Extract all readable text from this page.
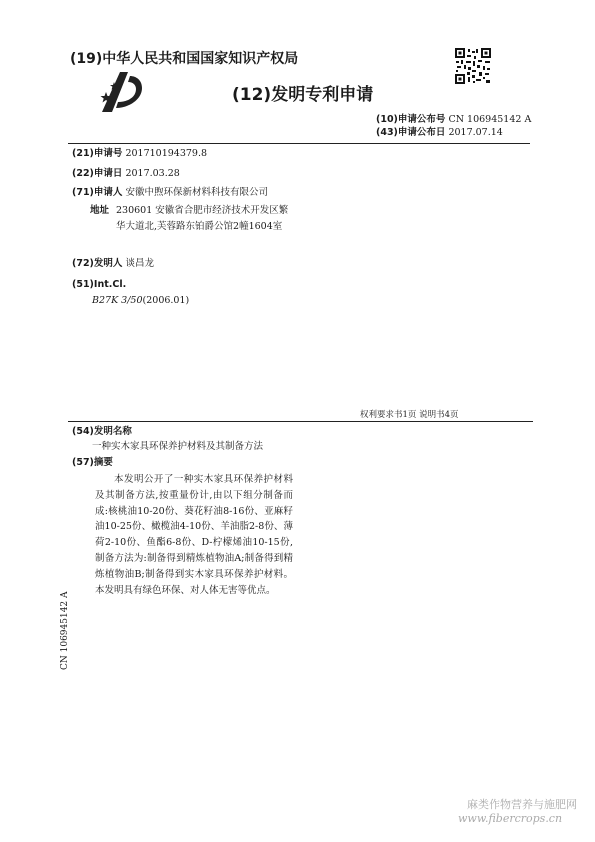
(19)中华人民共和国国家知识产权局
(12)发明专利申请
(10)申请公布号 CN 106945142 A
(43)申请公布日 2017.07.14
(21)申请号 201710194379.8
(22)申请日 2017.03.28
(71)申请人 安徽中煦环保新材料科技有限公司
地址 230601 安徽省合肥市经济技术开发区繁华大道北,芙蓉路东铂爵公馆2幢1604室
(72)发明人 谈昌龙
(51)Int.Cl.
B27K 3/50(2006.01)
权利要求书1页 说明书4页
(54)发明名称
一种实木家具环保养护材料及其制备方法
(57)摘要
本发明公开了一种实木家具环保养护材料及其制备方法,按重量份计,由以下组分制备而成:核桃油10-20份、葵花籽油8-16份、亚麻籽油10-25份、橄榄油4-10份、羊油脂2-8份、薄荷2-10份、鱼酯6-8份、D-柠檬烯油10-15份,制备方法为:制备得到精炼植物油A;制备得到精炼植物油B;制备得到实木家具环保养护材料。本发明具有绿色环保、对人体无害等优点。
CN 106945142 A
麻类作物营养与施肥网
www.fibercrops.cn
